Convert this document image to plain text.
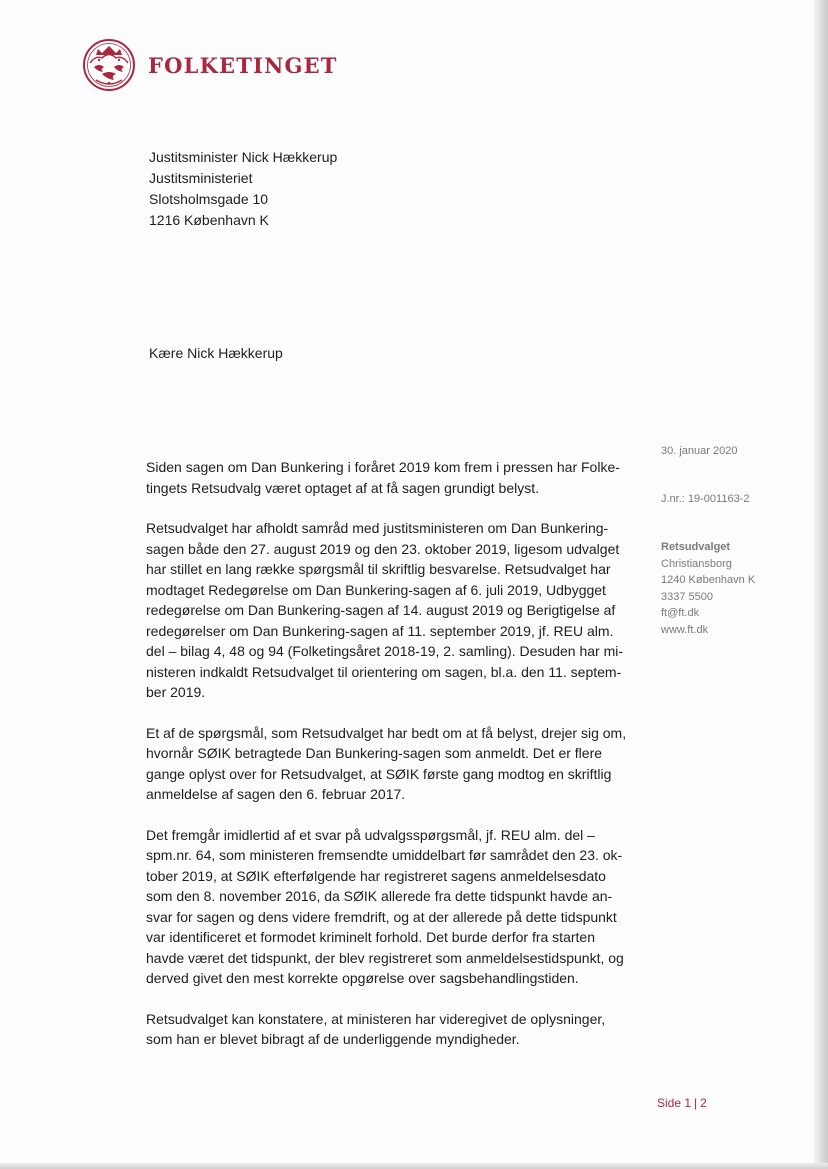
FOLKETINGET
Justitsminister Nick Hækkerup
Justitsministeriet
Slotsholmsgade 10
1216 København K
Kære Nick Hækkerup
30. januar 2020
J.nr.: 19-001163-2
Retsudvalget
Christiansborg
1240 København K
3337 5500
ft@ft.dk
www.ft.dk
Siden sagen om Dan Bunkering i foråret 2019 kom frem i pressen har Folke-
tingets Retsudvalg været optaget af at få sagen grundigt belyst.
Retsudvalget har afholdt samråd med justitsministeren om Dan Bunkering-
sagen både den 27. august 2019 og den 23. oktober 2019, ligesom udvalget
har stillet en lang række spørgsmål til skriftlig besvarelse. Retsudvalget har
modtaget Redegørelse om Dan Bunkering-sagen af 6. juli 2019, Udbygget
redegørelse om Dan Bunkering-sagen af 14. august 2019 og Berigtigelse af
redegørelser om Dan Bunkering-sagen af 11. september 2019, jf. REU alm.
del – bilag 4, 48 og 94 (Folketingsåret 2018-19, 2. samling). Desuden har mi-
nisteren indkaldt Retsudvalget til orientering om sagen, bl.a. den 11. septem-
ber 2019.
Et af de spørgsmål, som Retsudvalget har bedt om at få belyst, drejer sig om,
hvornår SØIK betragtede Dan Bunkering-sagen som anmeldt. Det er flere
gange oplyst over for Retsudvalget, at SØIK første gang modtog en skriftlig
anmeldelse af sagen den 6. februar 2017.
Det fremgår imidlertid af et svar på udvalgsspørgsmål, jf. REU alm. del –
spm.nr. 64, som ministeren fremsendte umiddelbart før samrådet den 23. ok-
tober 2019, at SØIK efterfølgende har registreret sagens anmeldelsesdato
som den 8. november 2016, da SØIK allerede fra dette tidspunkt havde an-
svar for sagen og dens videre fremdrift, og at der allerede på dette tidspunkt
var identificeret et formodet kriminelt forhold. Det burde derfor fra starten
havde været det tidspunkt, der blev registreret som anmeldelsestidspunkt, og
derved givet den mest korrekte opgørelse over sagsbehandlingstiden.
Retsudvalget kan konstatere, at ministeren har videregivet de oplysninger,
som han er blevet bibragt af de underliggende myndigheder.
Side 1 | 2
